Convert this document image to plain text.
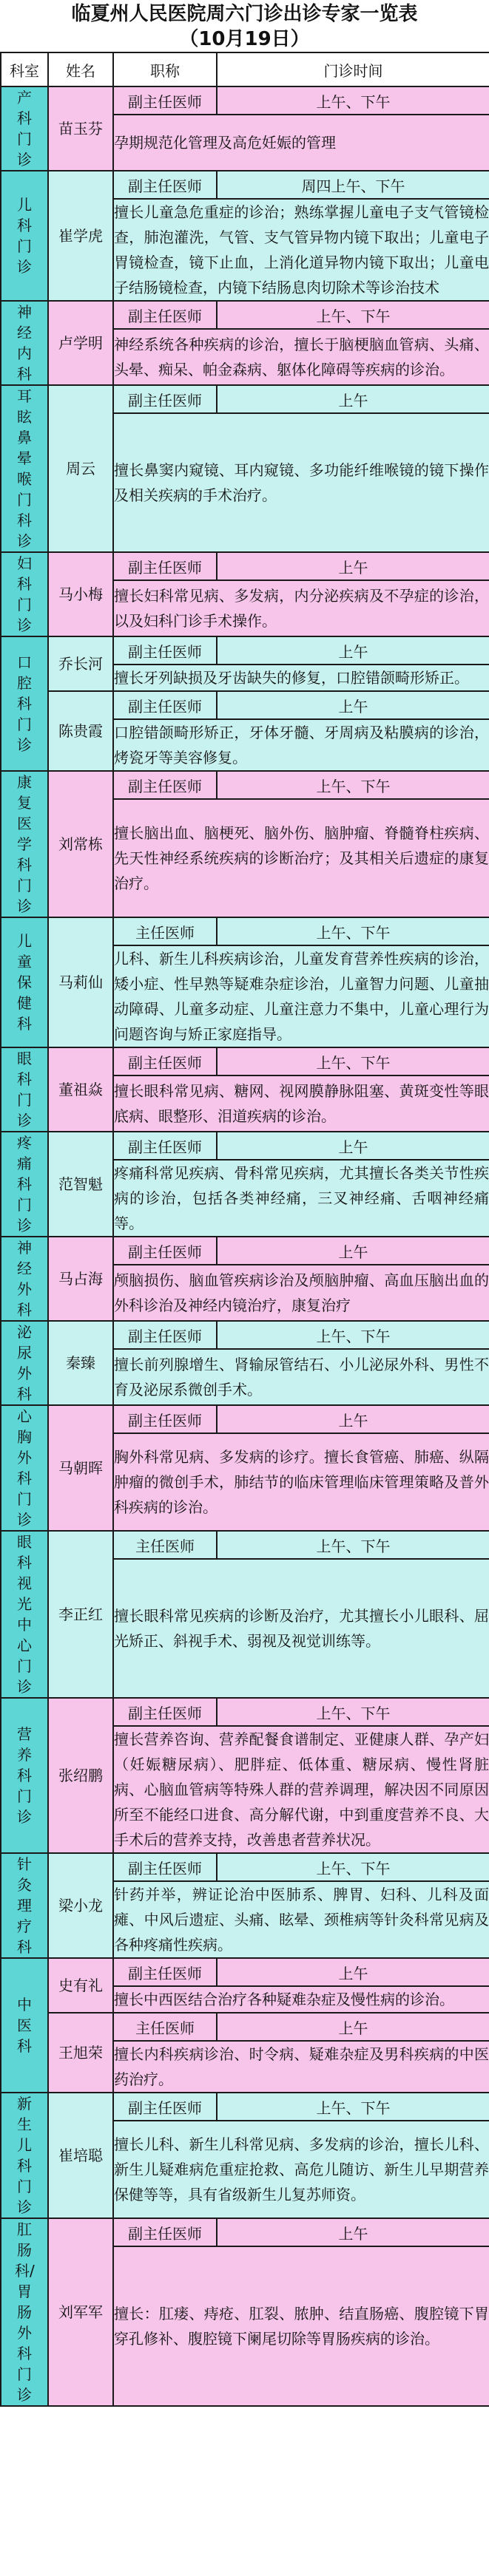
临夏州人民医院周六门诊出诊专家一览表
（10月19日）
科室	姓名	职称	门诊时间
产科门诊	苗玉芬	副主任医师	上午、下午
		孕期规范化管理及高危妊娠的管理	
儿科门诊	崔学虎	副主任医师	周四上午、下午
		擅长儿童急危重症的诊治；熟练掌握儿童电子支气管镜检查，肺泡灌洗，气管、支气管异物内镜下取出；儿童电子胃镜检查，镜下止血，上消化道异物内镜下取出；儿童电子结肠镜检查，内镜下结肠息肉切除术等诊治技术	
神经内科	卢学明	副主任医师	上午、下午
		神经系统各种疾病的诊治，擅长于脑梗脑血管病、头痛、头晕、痴呆、帕金森病、躯体化障碍等疾病的诊治。	
耳眩鼻晕喉门科诊	周云	副主任医师	上午
		擅长鼻窦内窥镜、耳内窥镜、多功能纤维喉镜的镜下操作及相关疾病的手术治疗。	
妇科门诊	马小梅	副主任医师	上午
		擅长妇科常见病、多发病，内分泌疾病及不孕症的诊治，以及妇科门诊手术操作。	
口腔科门诊	乔长河	副主任医师	上午
		擅长牙列缺损及牙齿缺失的修复，口腔错颌畸形矫正。	
	陈贵霞	副主任医师	上午
		口腔错颌畸形矫正，牙体牙髓、牙周病及粘膜病的诊治，烤瓷牙等美容修复。	
康复医学科门诊	刘常栋	副主任医师	上午、下午
		擅长脑出血、脑梗死、脑外伤、脑肿瘤、脊髓脊柱疾病、先天性神经系统疾病的诊断治疗；及其相关后遗症的康复治疗。	
儿童保健科	马莉仙	主任医师	上午、下午
		儿科、新生儿科疾病诊治，儿童发育营养性疾病的诊治，矮小症、性早熟等疑难杂症诊治，儿童智力问题、儿童抽动障碍、儿童多动症、儿童注意力不集中，儿童心理行为问题咨询与矫正家庭指导。	
眼科门诊	董祖焱	副主任医师	上午、下午
		擅长眼科常见病、糖网、视网膜静脉阻塞、黄斑变性等眼底病、眼整形、泪道疾病的诊治。	
疼痛科门诊	范智魁	副主任医师	上午
		疼痛科常见疾病、骨科常见疾病，尤其擅长各类关节性疾病的诊治，包括各类神经痛，三叉神经痛、舌咽神经痛等。	
神经外科	马占海	副主任医师	上午
		颅脑损伤、脑血管疾病诊治及颅脑肿瘤、高血压脑出血的外科诊治及神经内镜治疗，康复治疗	
泌尿外科	秦臻	副主任医师	上午、下午
		擅长前列腺增生、肾输尿管结石、小儿泌尿外科、男性不育及泌尿系微创手术。	
心胸外科门诊	马朝晖	副主任医师	上午
		胸外科常见病、多发病的诊疗。擅长食管癌、肺癌、纵隔肿瘤的微创手术，肺结节的临床管理临床管理策略及普外科疾病的诊治。	
眼科视光中心门诊	李正红	主任医师	上午、下午
		擅长眼科常见疾病的诊断及治疗，尤其擅长小儿眼科、屈光矫正、斜视手术、弱视及视觉训练等。	
营养科门诊	张绍鹏	副主任医师	上午、下午
		擅长营养咨询、营养配餐食谱制定、亚健康人群、孕产妇（妊娠糖尿病）、肥胖症、低体重、糖尿病、慢性肾脏病、心脑血管病等特殊人群的营养调理，解决因不同原因所至不能经口进食、高分解代谢，中到重度营养不良、大手术后的营养支持，改善患者营养状况。	
针灸理疗科	梁小龙	副主任医师	上午、下午
		针药并举，辨证论治中医肺系、脾胃、妇科、儿科及面瘫、中风后遗症、头痛、眩晕、颈椎病等针灸科常见病及各种疼痛性疾病。	
中医科	史有礼	副主任医师	上午
		擅长中西医结合治疗各种疑难杂症及慢性病的诊治。	
	王旭荣	主任医师	上午
		擅长内科疾病诊治、时令病、疑难杂症及男科疾病的中医药治疗。	
新生儿科门诊	崔培聪	副主任医师	上午、下午
		擅长儿科、新生儿科常见病、多发病的诊治，擅长儿科、新生儿疑难病危重症抢救、高危儿随访、新生儿早期营养保健等等，具有省级新生儿复苏师资。	
肛肠科/胃肠外科门诊	刘军军	副主任医师	上午
		擅长：肛瘘、痔疮、肛裂、脓肿、结直肠癌、腹腔镜下胃穿孔修补、腹腔镜下阑尾切除等胃肠疾病的诊治。	
